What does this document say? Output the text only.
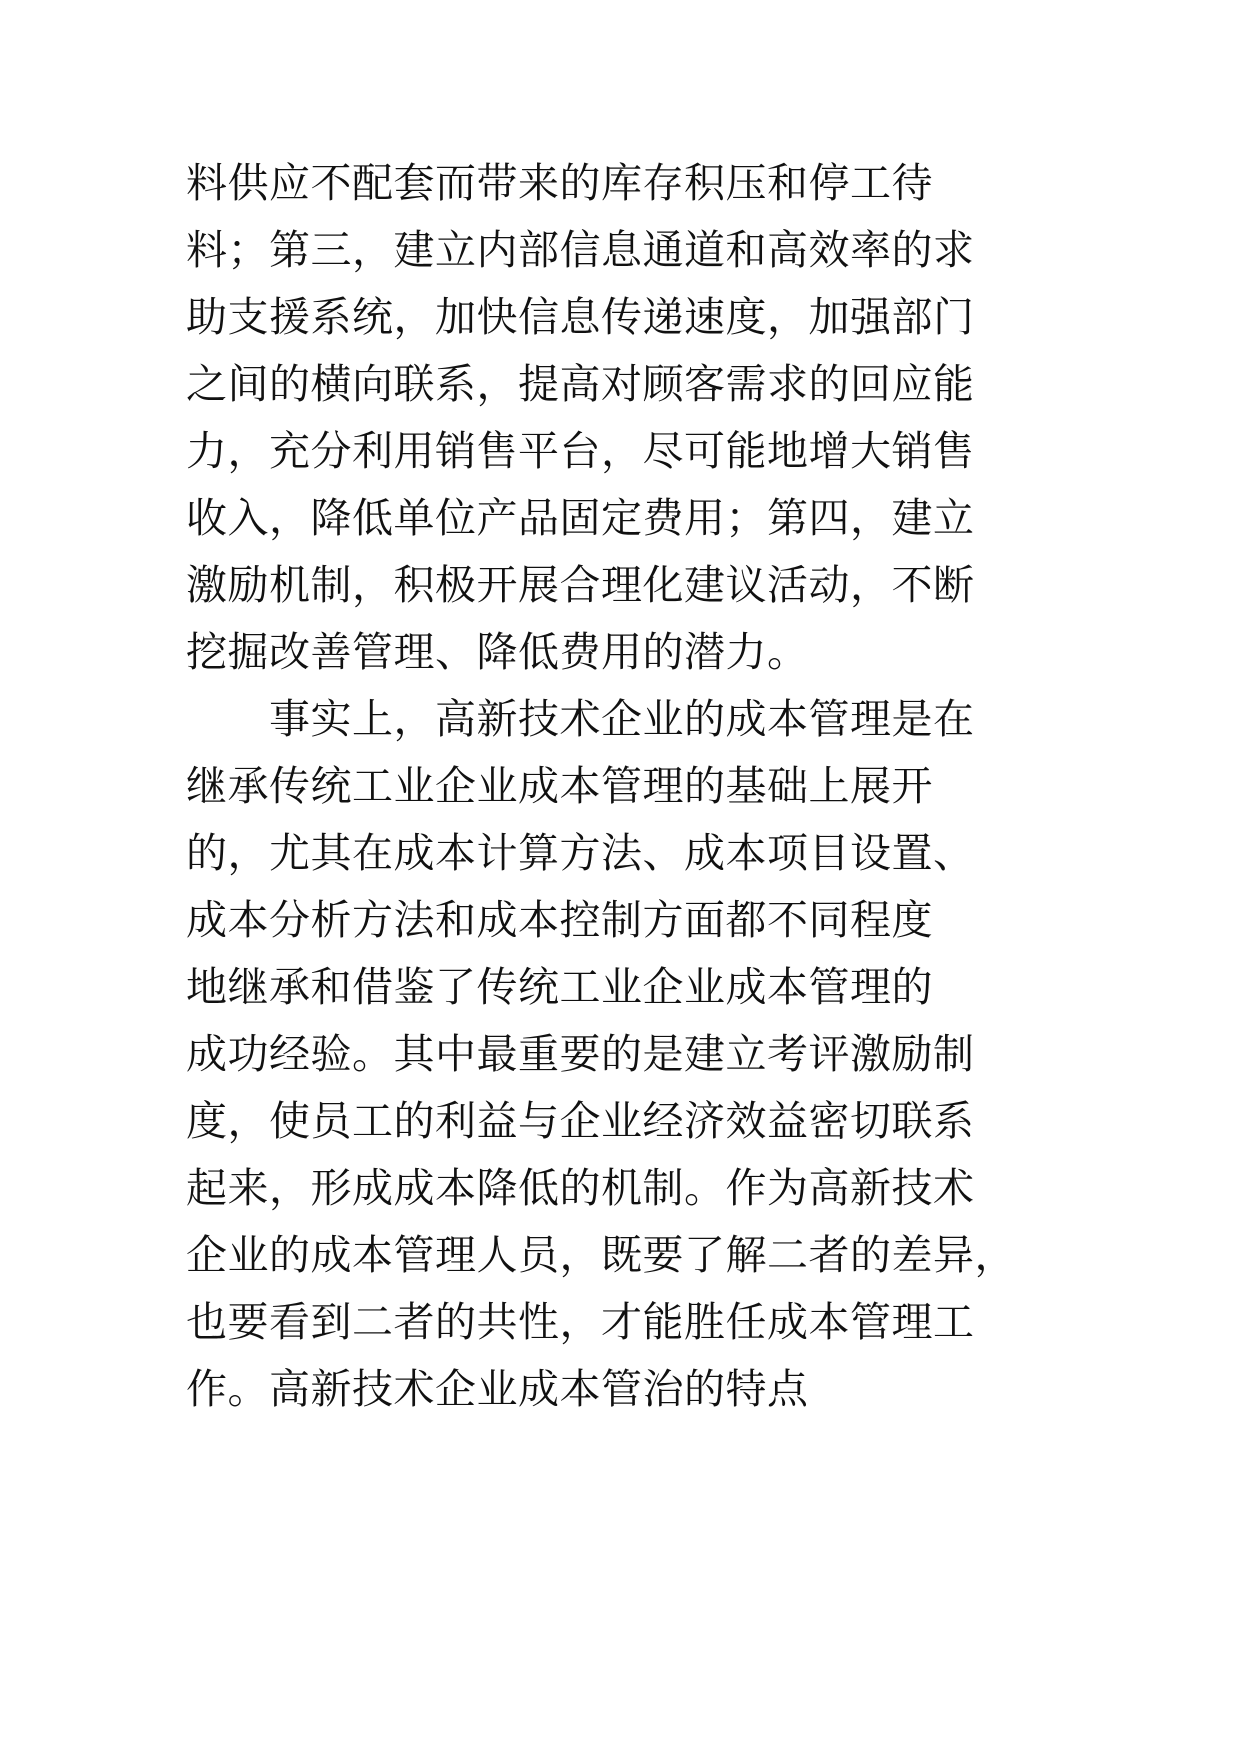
料供应不配套而带来的库存积压和停工待
料；第三，建立内部信息通道和高效率的求
助支援系统，加快信息传递速度，加强部门
之间的横向联系，提高对顾客需求的回应能
力，充分利用销售平台，尽可能地增大销售
收入，降低单位产品固定费用；第四，建立
激励机制，积极开展合理化建议活动，不断
挖掘改善管理、降低费用的潜力。
　　事实上，高新技术企业的成本管理是在
继承传统工业企业成本管理的基础上展开
的，尤其在成本计算方法、成本项目设置、
成本分析方法和成本控制方面都不同程度
地继承和借鉴了传统工业企业成本管理的
成功经验。其中最重要的是建立考评激励制
度，使员工的利益与企业经济效益密切联系
起来，形成成本降低的机制。作为高新技术
企业的成本管理人员，既要了解二者的差异，
也要看到二者的共性，才能胜任成本管理工
作。高新技术企业成本管治的特点
